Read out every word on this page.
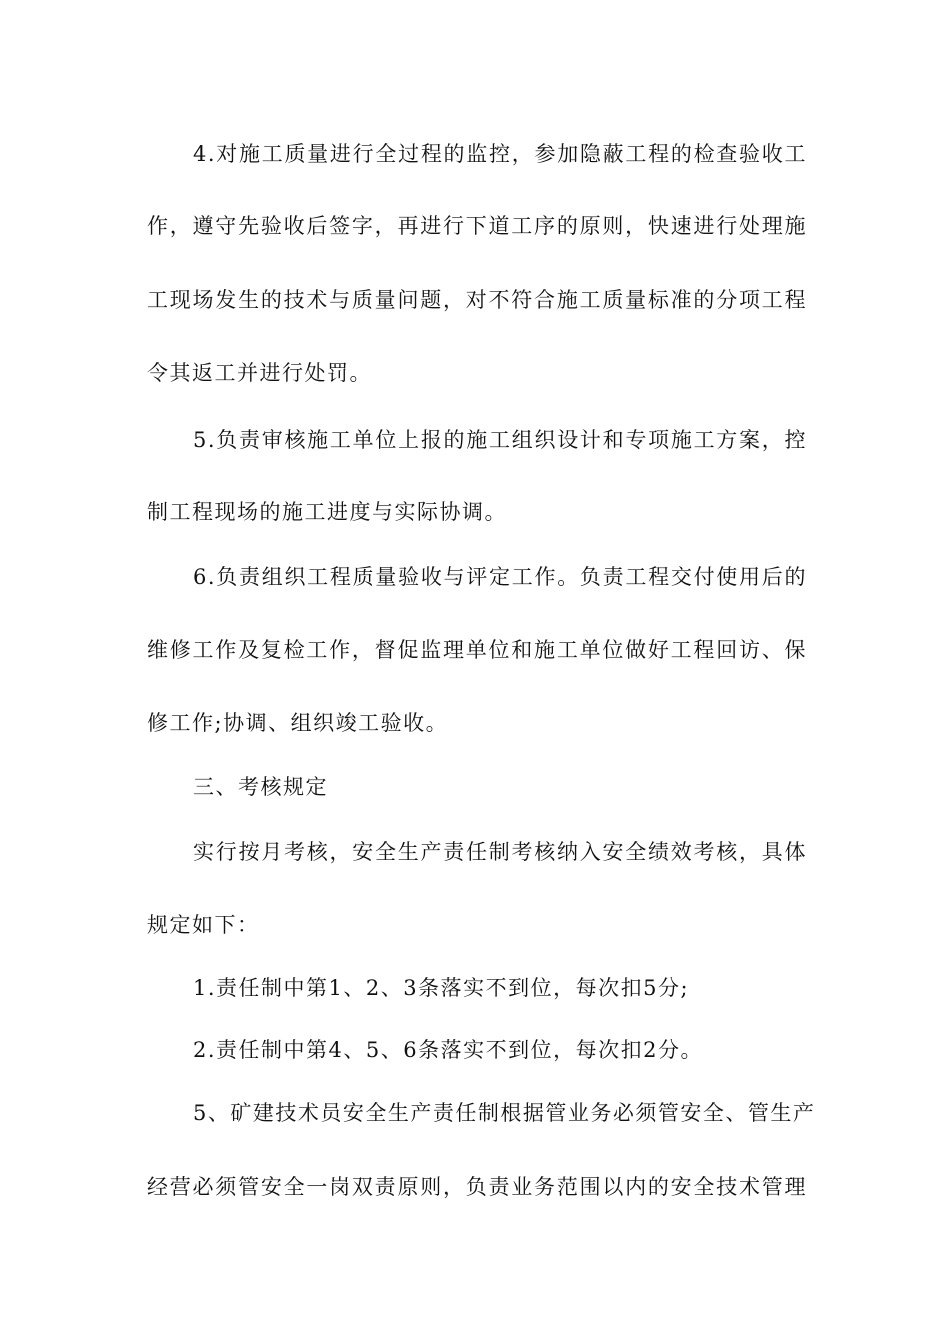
4.对施工质量进行全过程的监控，参加隐蔽工程的检查验收工
作，遵守先验收后签字，再进行下道工序的原则，快速进行处理施
工现场发生的技术与质量问题，对不符合施工质量标准的分项工程
令其返工并进行处罚。
5.负责审核施工单位上报的施工组织设计和专项施工方案，控
制工程现场的施工进度与实际协调。
6.负责组织工程质量验收与评定工作。负责工程交付使用后的
维修工作及复检工作，督促监理单位和施工单位做好工程回访、保
修工作;协调、组织竣工验收。
三、考核规定
实行按月考核，安全生产责任制考核纳入安全绩效考核，具体
规定如下：
1.责任制中第1、2、3条落实不到位，每次扣5分;
2.责任制中第4、5、6条落实不到位，每次扣2分。
5、矿建技术员安全生产责任制根据管业务必须管安全、管生产
经营必须管安全一岗双责原则，负责业务范围以内的安全技术管理
